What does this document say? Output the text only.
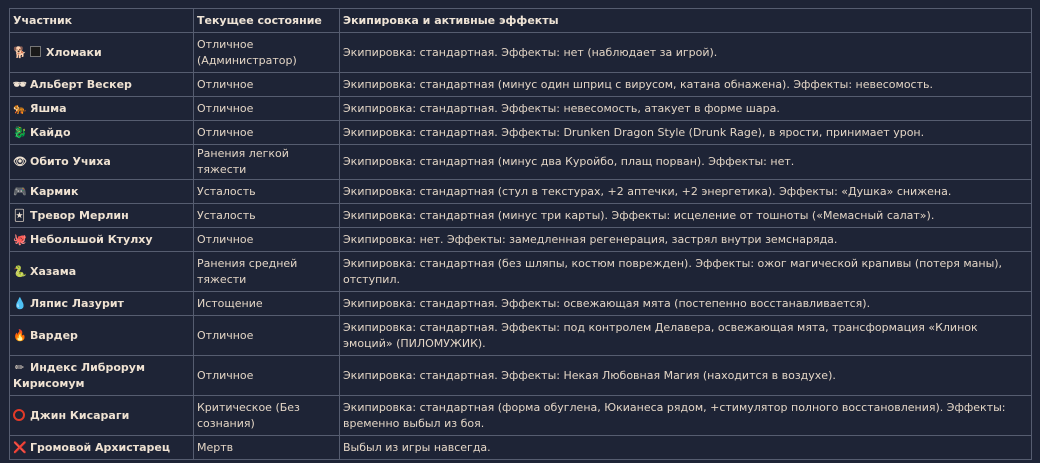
Участник	Текущее состояние	Экипировка и активные эффекты
🐕 Хломаки	Отличное (Администратор)	Экипировка: стандартная. Эффекты: нет (наблюдает за игрой).
🕶 Альберт Вескер	Отличное	Экипировка: стандартная (минус один шприц с вирусом, катана обнажена). Эффекты: невесомость.
🐅 Яшма	Отличное	Экипировка: стандартная. Эффекты: невесомость, атакует в форме шара.
🐉 Кайдо	Отличное	Экипировка: стандартная. Эффекты: Drunken Dragon Style (Drunk Rage), в ярости, принимает урон.
👁 Обито Учиха	Ранения легкой тяжести	Экипировка: стандартная (минус два Куройбо, плащ порван). Эффекты: нет.
🎮 Кармик	Усталость	Экипировка: стандартная (стул в текстурах, +2 аптечки, +2 энергетика). Эффекты: «Душка» снижена.
🃏 Тревор Мерлин	Усталость	Экипировка: стандартная (минус три карты). Эффекты: исцеление от тошноты («Мемасный салат»).
🐙 Небольшой Ктулху	Отличное	Экипировка: нет. Эффекты: замедленная регенерация, застрял внутри земснаряда.
🐍 Хазама	Ранения средней тяжести	Экипировка: стандартная (без шляпы, костюм поврежден). Эффекты: ожог магической крапивы (потеря маны), отступил.
💧 Ляпис Лазурит	Истощение	Экипировка: стандартная. Эффекты: освежающая мята (постепенно восстанавливается).
🔥 Вардер	Отличное	Экипировка: стандартная. Эффекты: под контролем Делавера, освежающая мята, трансформация «Клинок эмоций» (ПИЛОМУЖИК).
✏ Индекс Либрорум Кирисомум	Отличное	Экипировка: стандартная. Эффекты: Некая Любовная Магия (находится в воздухе).
Джин Кисараги	Критическое (Без сознания)	Экипировка: стандартная (форма обуглена, Юкианеса рядом, +стимулятор полного восстановления). Эффекты: временно выбыл из боя.
❌ Громовой Архистарец	Мертв	Выбыл из игры навсегда.
